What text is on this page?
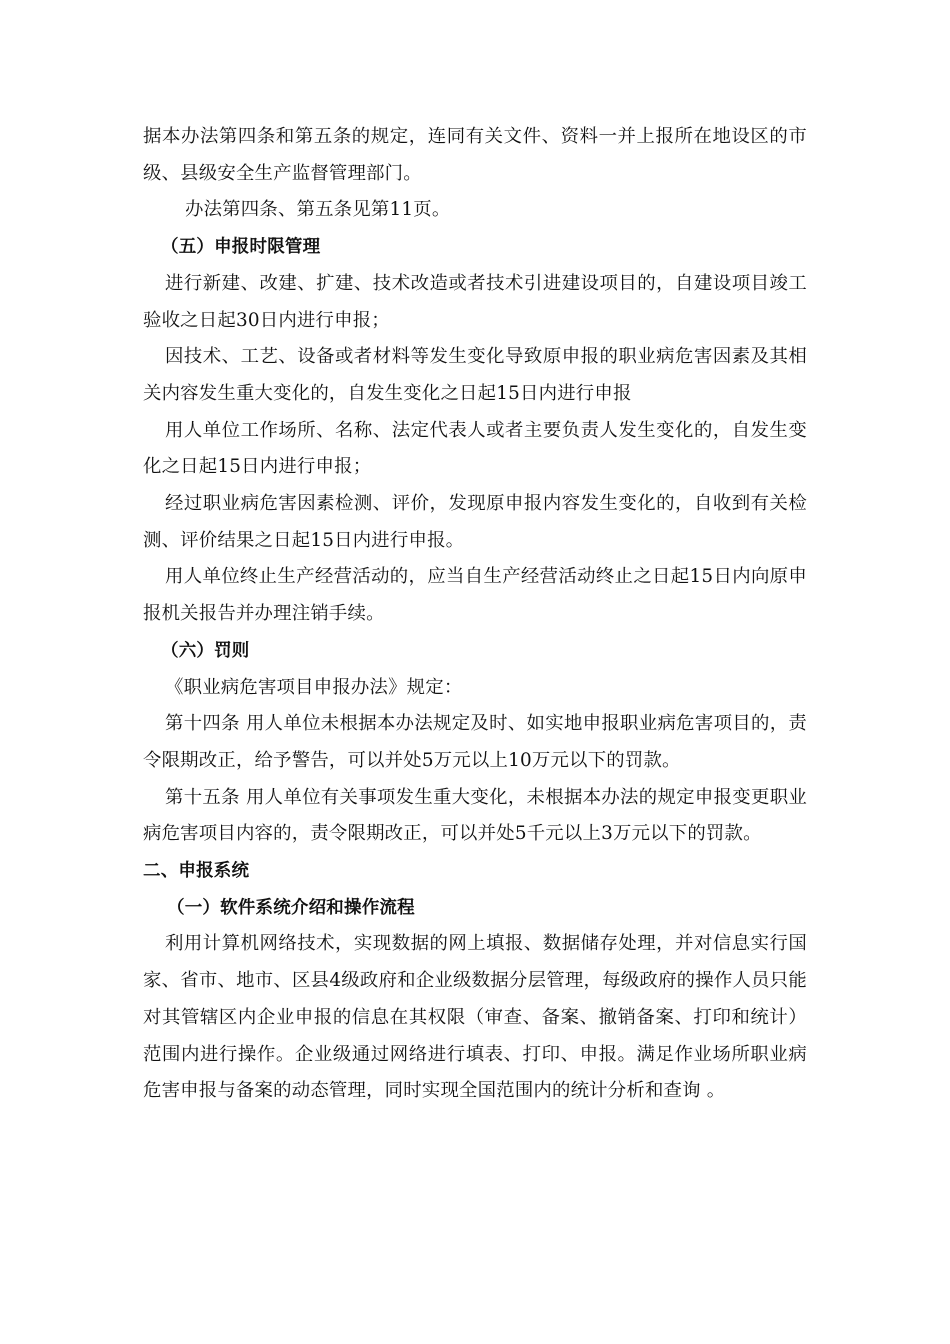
据本办法第四条和第五条的规定，连同有关文件、资料一并上报所在地设区的市级、县级安全生产监督管理部门。

办法第四条、第五条见第11页。

（五）申报时限管理

进行新建、改建、扩建、技术改造或者技术引进建设项目的，自建设项目竣工验收之日起30日内进行申报；

因技术、工艺、设备或者材料等发生变化导致原申报的职业病危害因素及其相关内容发生重大变化的，自发生变化之日起15日内进行申报

用人单位工作场所、名称、法定代表人或者主要负责人发生变化的，自发生变化之日起15日内进行申报；

经过职业病危害因素检测、评价，发现原申报内容发生变化的，自收到有关检测、评价结果之日起15日内进行申报。

用人单位终止生产经营活动的，应当自生产经营活动终止之日起15日内向原申报机关报告并办理注销手续。

（六）罚则

《职业病危害项目申报办法》规定：

第十四条 用人单位未根据本办法规定及时、如实地申报职业病危害项目的，责令限期改正，给予警告，可以并处5万元以上10万元以下的罚款。

第十五条 用人单位有关事项发生重大变化，未根据本办法的规定申报变更职业病危害项目内容的，责令限期改正，可以并处5千元以上3万元以下的罚款。

二、申报系统

（一）软件系统介绍和操作流程

利用计算机网络技术，实现数据的网上填报、数据储存处理，并对信息实行国家、省市、地市、区县4级政府和企业级数据分层管理，每级政府的操作人员只能对其管辖区内企业申报的信息在其权限（审查、备案、撤销备案、打印和统计）范围内进行操作。企业级通过网络进行填表、打印、申报。满足作业场所职业病危害申报与备案的动态管理，同时实现全国范围内的统计分析和查询 。
